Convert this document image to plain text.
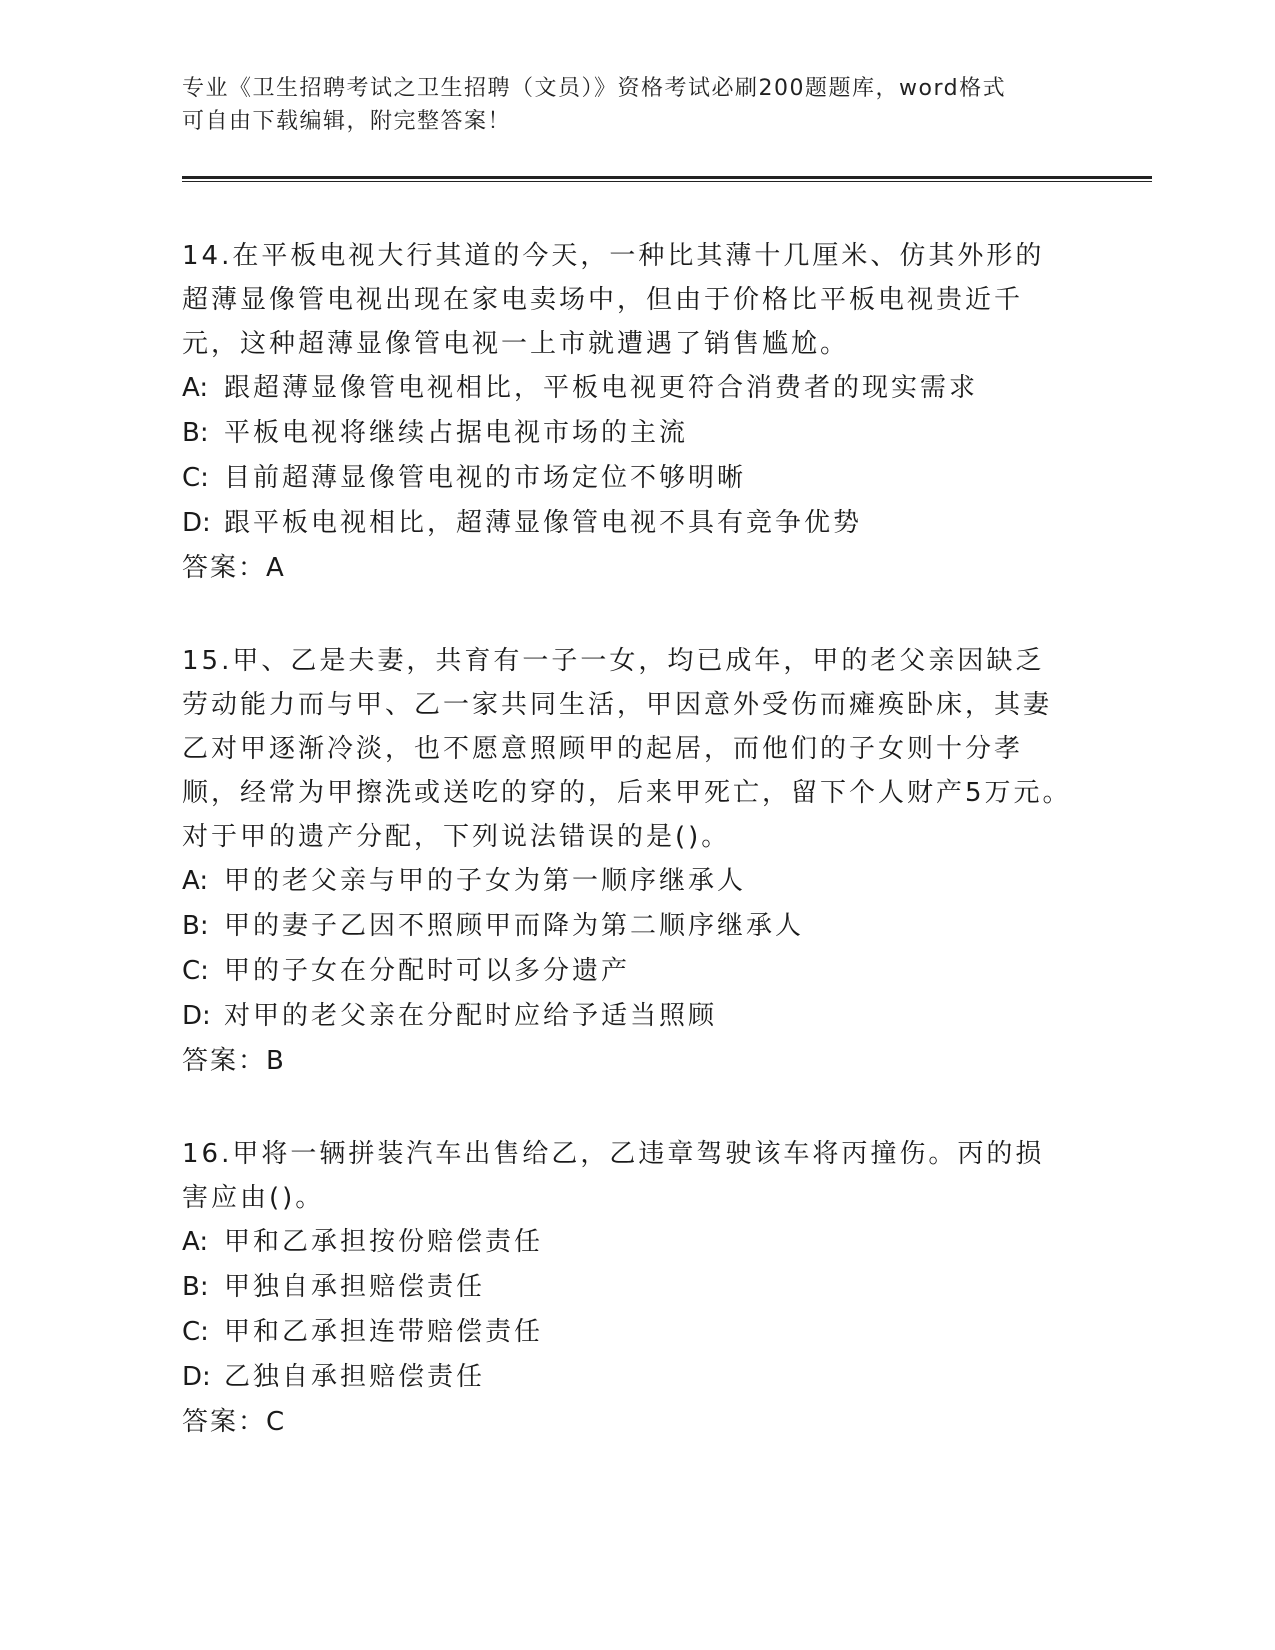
专业《卫生招聘考试之卫生招聘（文员）》资格考试必刷200题题库，word格式
可自由下载编辑，附完整答案！

14.在平板电视大行其道的今天，一种比其薄十几厘米、仿其外形的超薄显像管电视出现在家电卖场中，但由于价格比平板电视贵近千元，这种超薄显像管电视一上市就遭遇了销售尴尬。

A: 跟超薄显像管电视相比，平板电视更符合消费者的现实需求

B: 平板电视将继续占据电视市场的主流

C: 目前超薄显像管电视的市场定位不够明晰

D: 跟平板电视相比，超薄显像管电视不具有竞争优势

答案：A

15.甲、乙是夫妻，共育有一子一女，均已成年，甲的老父亲因缺乏劳动能力而与甲、乙一家共同生活，甲因意外受伤而瘫痪卧床，其妻乙对甲逐渐冷淡，也不愿意照顾甲的起居，而他们的子女则十分孝顺，经常为甲擦洗或送吃的穿的，后来甲死亡，留下个人财产5万元。对于甲的遗产分配，下列说法错误的是()。

A: 甲的老父亲与甲的子女为第一顺序继承人

B: 甲的妻子乙因不照顾甲而降为第二顺序继承人

C: 甲的子女在分配时可以多分遗产

D: 对甲的老父亲在分配时应给予适当照顾

答案：B

16.甲将一辆拼装汽车出售给乙，乙违章驾驶该车将丙撞伤。丙的损害应由()。

A: 甲和乙承担按份赔偿责任

B: 甲独自承担赔偿责任

C: 甲和乙承担连带赔偿责任

D: 乙独自承担赔偿责任

答案：C
